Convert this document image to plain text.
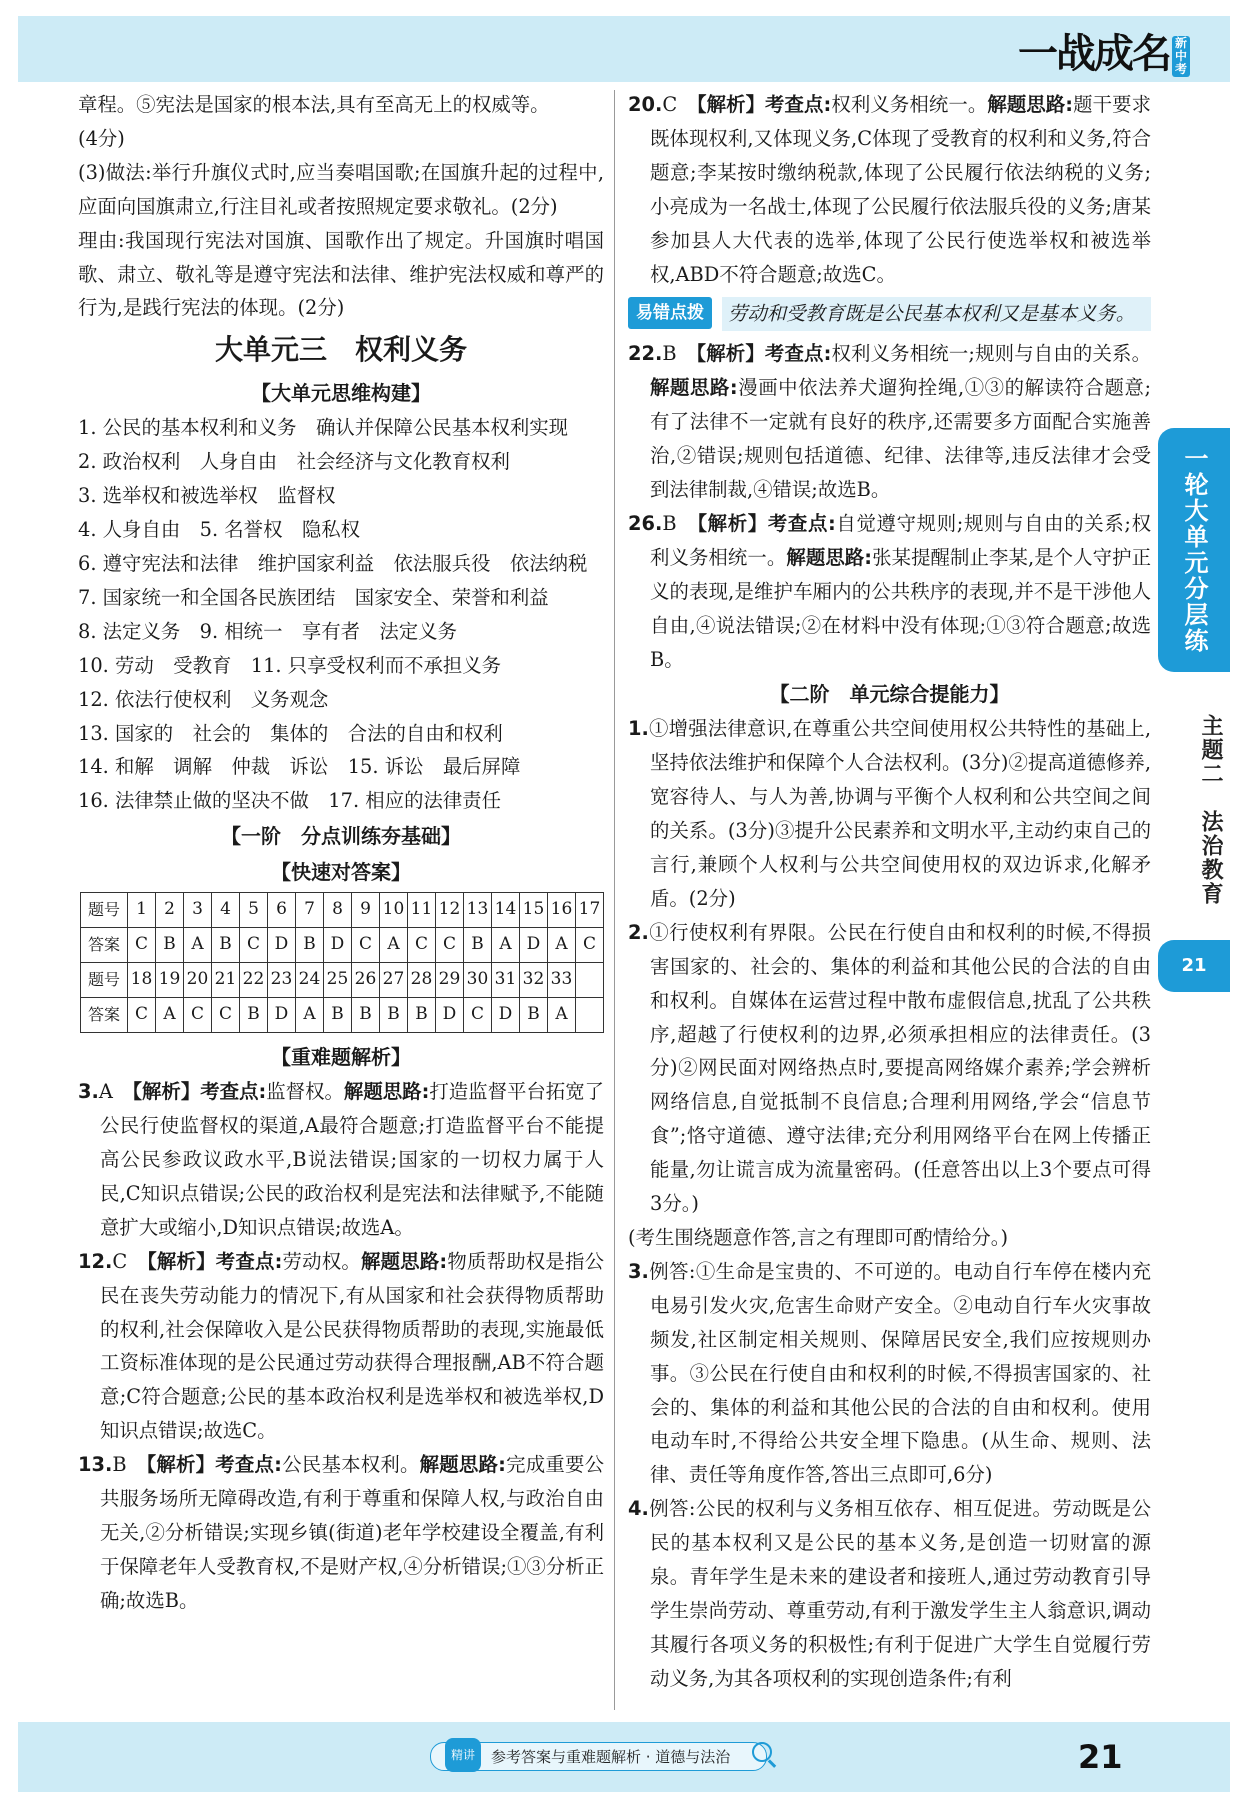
一战成名 新中考

章程。⑤宪法是国家的根本法,具有至高无上的权威等。

(4分)

(3)做法:举行升旗仪式时,应当奏唱国歌;在国旗升起的过程中,应面向国旗肃立,行注目礼或者按照规定要求敬礼。(2分)

理由:我国现行宪法对国旗、国歌作出了规定。升国旗时唱国歌、肃立、敬礼等是遵守宪法和法律、维护宪法权威和尊严的行为,是践行宪法的体现。(2分)

大单元三　权利义务
【大单元思维构建】

1. 公民的基本权利和义务　确认并保障公民基本权利实现

2. 政治权利　人身自由　社会经济与文化教育权利

3. 选举权和被选举权　监督权

4. 人身自由　5. 名誉权　隐私权

6. 遵守宪法和法律　维护国家利益　依法服兵役　依法纳税

7. 国家统一和全国各民族团结　国家安全、荣誉和利益

8. 法定义务　9. 相统一　享有者　法定义务

10. 劳动　受教育　11. 只享受权利而不承担义务

12. 依法行使权利　义务观念

13. 国家的　社会的　集体的　合法的自由和权利

14. 和解　调解　仲裁　诉讼　15. 诉讼　最后屏障

16. 法律禁止做的坚决不做　17. 相应的法律责任

【一阶　分点训练夯基础】
【快速对答案】
题号	1	2	3	4	5	6	7	8	9	10	11	12	13	14	15	16	17
答案	C	B	A	B	C	D	B	D	C	A	C	C	B	A	D	A	C
题号	18	19	20	21	22	23	24	25	26	27	28	29	30	31	32	33	
答案	C	A	C	C	B	D	A	B	B	B	B	D	C	D	B	A	
【重难题解析】

3.A　 【解析】考查点:监督权。解题思路:打造监督平台拓宽了公民行使监督权的渠道,A最符合题意;打造监督平台不能提高公民参政议政水平,B说法错误;国家的一切权力属于人民,C知识点错误;公民的政治权利是宪法和法律赋予,不能随意扩大或缩小,D知识点错误;故选A。

12.C　 【解析】考查点:劳动权。解题思路:物质帮助权是指公民在丧失劳动能力的情况下,有从国家和社会获得物质帮助的权利,社会保障收入是公民获得物质帮助的表现,实施最低工资标准体现的是公民通过劳动获得合理报酬,AB不符合题意;C符合题意;公民的基本政治权利是选举权和被选举权,D知识点错误;故选C。

13.B　 【解析】考查点:公民基本权利。解题思路:完成重要公共服务场所无障碍改造,有利于尊重和保障人权,与政治自由无关,②分析错误;实现乡镇(街道)老年学校建设全覆盖,有利于保障老年人受教育权,不是财产权,④分析错误;①③分析正确;故选B。

20.C　 【解析】考查点:权利义务相统一。解题思路:题干要求既体现权利,又体现义务,C体现了受教育的权利和义务,符合题意;李某按时缴纳税款,体现了公民履行依法纳税的义务;小亮成为一名战士,体现了公民履行依法服兵役的义务;唐某参加县人大代表的选举,体现了公民行使选举权和被选举权,ABD不符合题意;故选C。

易错点拨	劳动和受教育既是公民基本权利又是基本义务。

22.B　 【解析】考查点:权利义务相统一;规则与自由的关系。解题思路:漫画中依法养犬遛狗拴绳,①③的解读符合题意;有了法律不一定就有良好的秩序,还需要多方面配合实施善治,②错误;规则包括道德、纪律、法律等,违反法律才会受到法律制裁,④错误;故选B。

26.B　 【解析】考查点:自觉遵守规则;规则与自由的关系;权利义务相统一。解题思路:张某提醒制止李某,是个人守护正义的表现,是维护车厢内的公共秩序的表现,并不是干涉他人自由,④说法错误;②在材料中没有体现;①③符合题意;故选B。

【二阶　单元综合提能力】

1.①增强法律意识,在尊重公共空间使用权公共特性的基础上,坚持依法维护和保障个人合法权利。(3分)②提高道德修养,宽容待人、与人为善,协调与平衡个人权利和公共空间之间的关系。(3分)③提升公民素养和文明水平,主动约束自己的言行,兼顾个人权利与公共空间使用权的双边诉求,化解矛盾。(2分)

2.①行使权利有界限。公民在行使自由和权利的时候,不得损害国家的、社会的、集体的利益和其他公民的合法的自由和权利。自媒体在运营过程中散布虚假信息,扰乱了公共秩序,超越了行使权利的边界,必须承担相应的法律责任。(3分)②网民面对网络热点时,要提高网络媒介素养;学会辨析网络信息,自觉抵制不良信息;合理利用网络,学会“信息节食”;恪守道德、遵守法律;充分利用网络平台在网上传播正能量,勿让谎言成为流量密码。(任意答出以上3个要点可得3分。)

(考生围绕题意作答,言之有理即可酌情给分。)

3.例答:①生命是宝贵的、不可逆的。电动自行车停在楼内充电易引发火灾,危害生命财产安全。②电动自行车火灾事故频发,社区制定相关规则、保障居民安全,我们应按规则办事。③公民在行使自由和权利的时候,不得损害国家的、社会的、集体的利益和其他公民的合法的自由和权利。使用电动车时,不得给公共安全埋下隐患。(从生命、规则、法律、责任等角度作答,答出三点即可,6分)

4.例答:公民的权利与义务相互依存、相互促进。劳动既是公民的基本权利又是公民的基本义务,是创造一切财富的源泉。青年学生是未来的建设者和接班人,通过劳动教育引导学生崇尚劳动、尊重劳动,有利于激发学生主人翁意识,调动其履行各项义务的积极性;有利于促进广大学生自觉履行劳动义务,为其各项权利的实现创造条件;有利

一轮大单元分层练
主题二　法治教育
21
参考答案与重难题解析 · 道德与法治
精讲	21
